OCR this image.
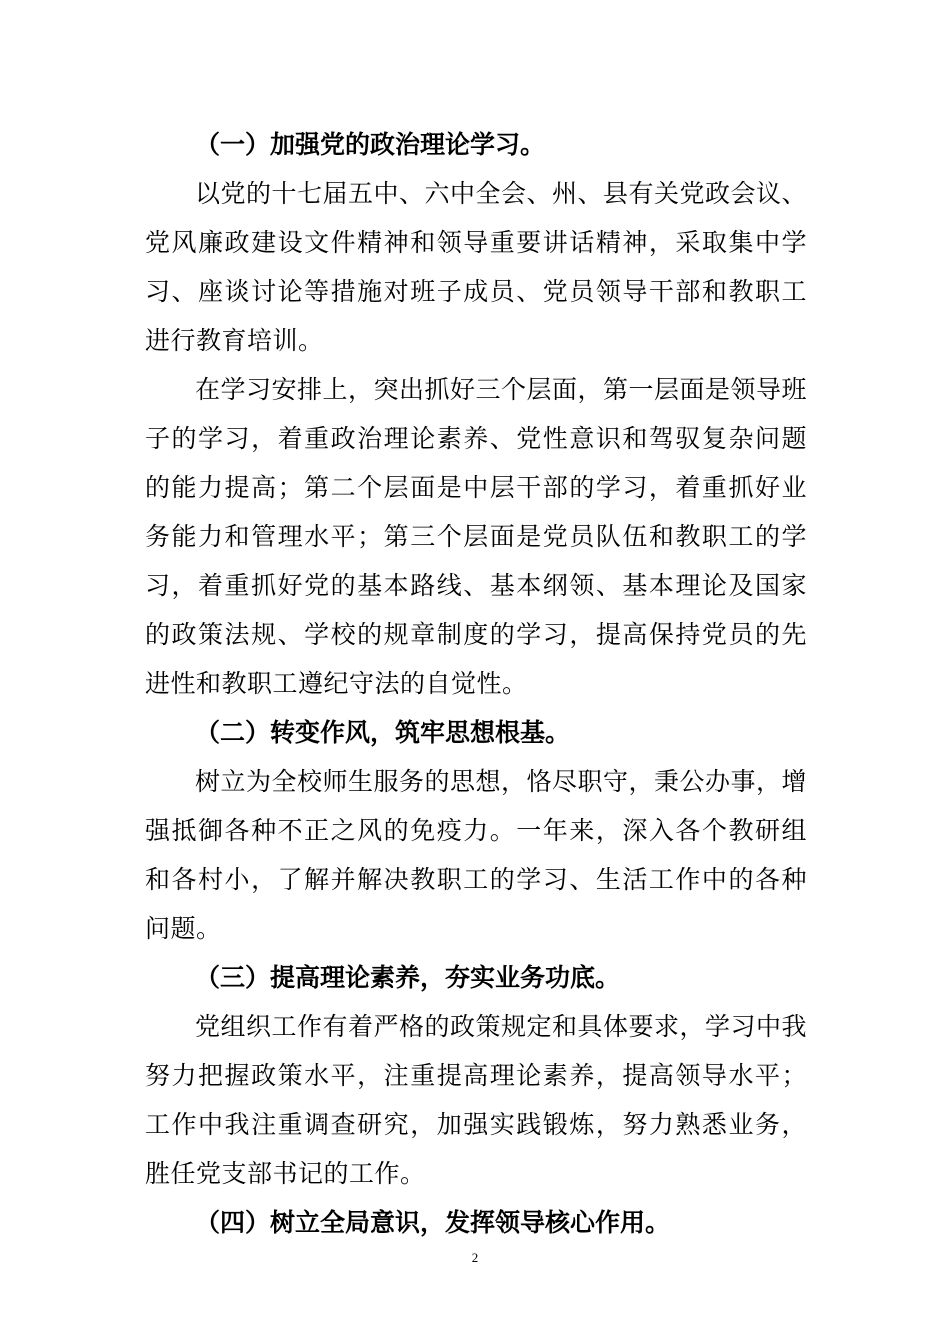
（一）加强党的政治理论学习。

以党的十七届五中、六中全会、州、县有关党政会议、党风廉政建设文件精神和领导重要讲话精神，采取集中学习、座谈讨论等措施对班子成员、党员领导干部和教职工进行教育培训。

在学习安排上，突出抓好三个层面，第一层面是领导班子的学习，着重政治理论素养、党性意识和驾驭复杂问题的能力提高；第二个层面是中层干部的学习，着重抓好业务能力和管理水平；第三个层面是党员队伍和教职工的学习，着重抓好党的基本路线、基本纲领、基本理论及国家的政策法规、学校的规章制度的学习，提高保持党员的先进性和教职工遵纪守法的自觉性。

（二）转变作风，筑牢思想根基。

树立为全校师生服务的思想，恪尽职守，秉公办事，增强抵御各种不正之风的免疫力。一年来，深入各个教研组和各村小，了解并解决教职工的学习、生活工作中的各种问题。

（三）提高理论素养，夯实业务功底。

党组织工作有着严格的政策规定和具体要求，学习中我努力把握政策水平，注重提高理论素养，提高领导水平；工作中我注重调查研究，加强实践锻炼，努力熟悉业务，胜任党支部书记的工作。

（四）树立全局意识，发挥领导核心作用。

2
